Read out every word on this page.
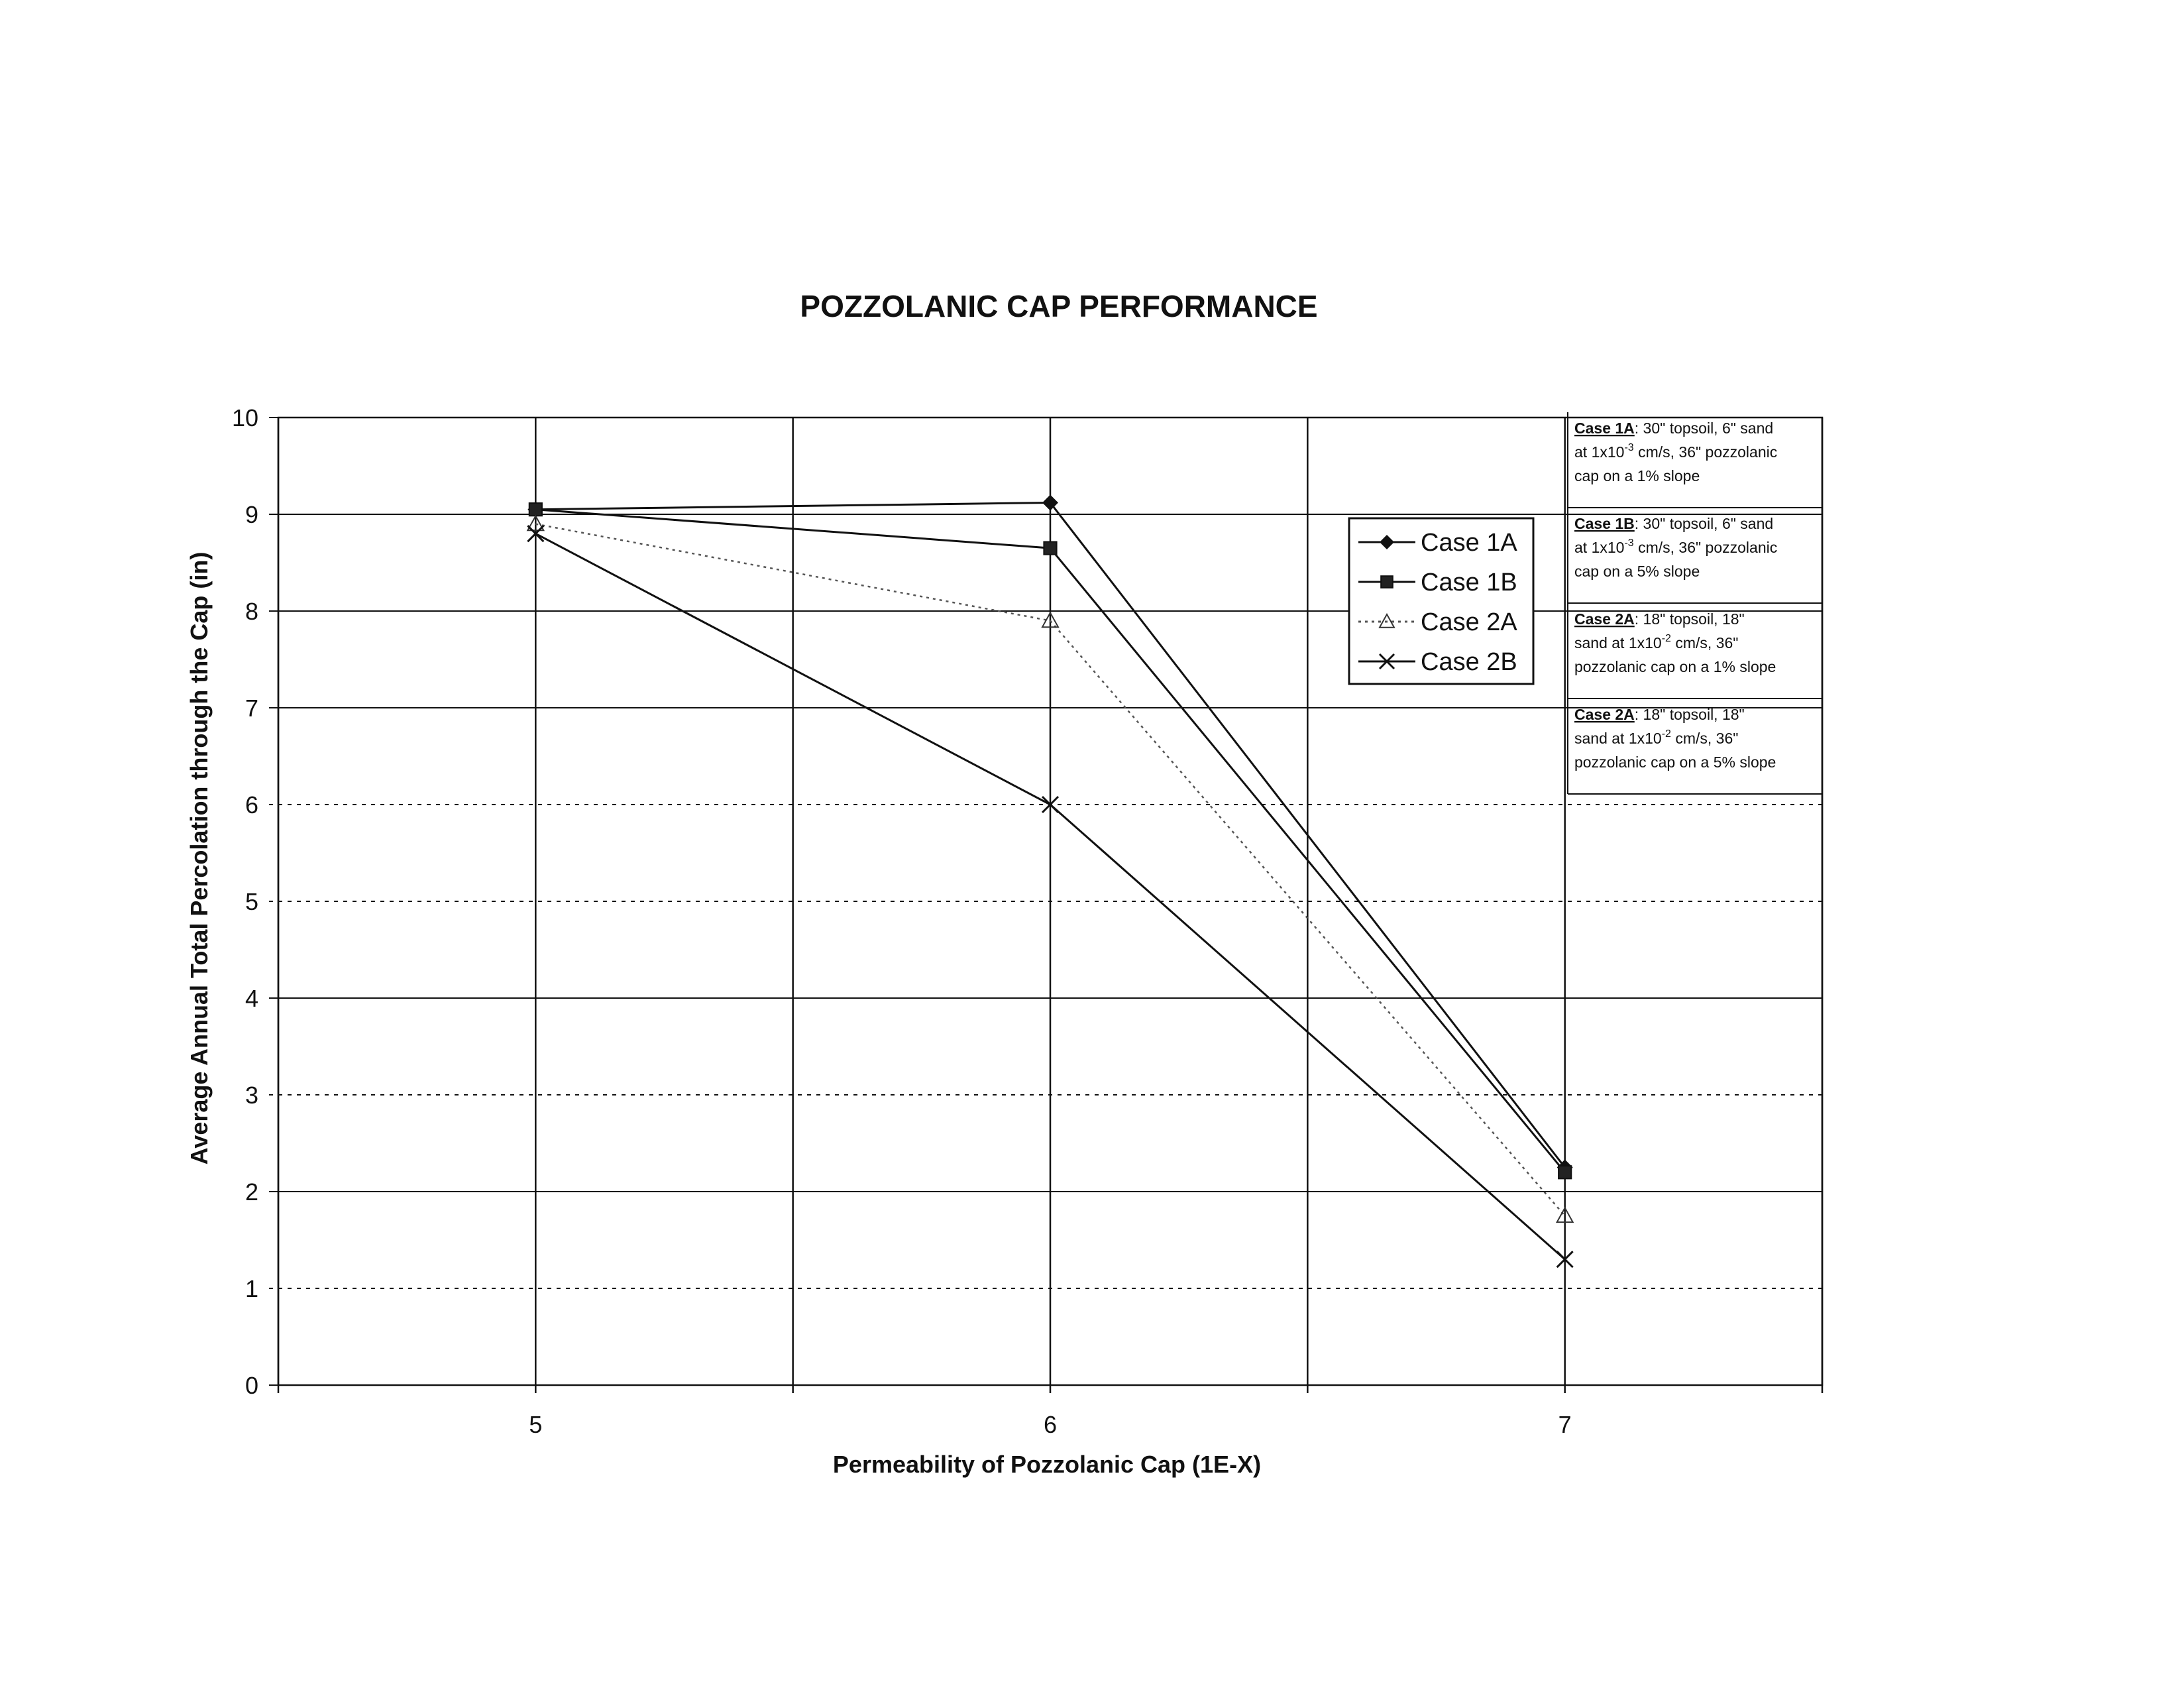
POZZOLANIC CAP PERFORMANCE
0
1
2
3
4
5
6
7
8
9
10
5	6	7
Permeability of Pozzolanic Cap (1E-X)
Average Annual Total Percolation through the Cap (in)
Case 1A
Case 1B
Case 2A
Case 2B
Case 1A: 30" topsoil, 6" sand
at $1x10^{-3}$ cm/s, 36" pozzolanic
cap on a 1% slope
Case 1B: 30" topsoil, 6" sand
at $1x10^{-3}$ cm/s, 36" pozzolanic
cap on a 5% slope
Case 2A: 18" topsoil, 18"
sand at $1x10^{-2}$ cm/s, 36"
pozzolanic cap on a 1% slope
Case 2A: 18" topsoil, 18"
sand at $1x10^{-2}$ cm/s, 36"
pozzolanic cap on a 5% slope
